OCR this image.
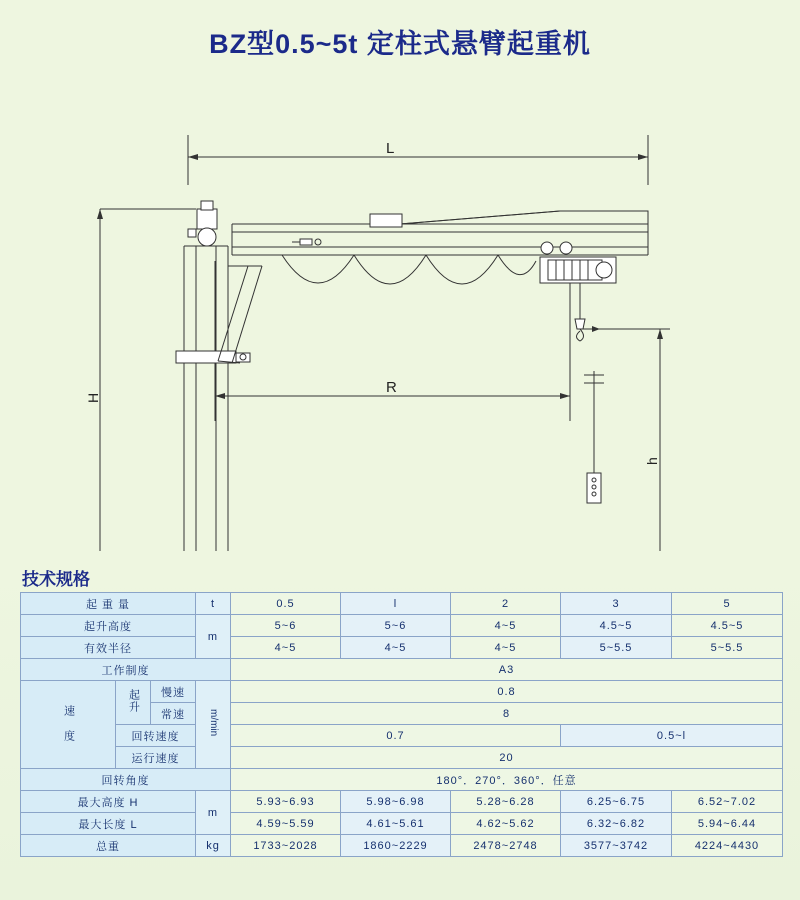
BZ型0.5~5t 定柱式悬臂起重机
L
R
H
h
技术规格
起 重 量			t	0.5	l	2	3	5
起升高度			m	5~6	5~6	4~5	4.5~5	4.5~5
有效半径				4~5	4~5	4~5	5~5.5	5~5.5
工作制度				A3				
速 度	起升	慢速	m/min	0.8				
		常速		8				
	回转速度			0.7			0.5~l	
	运行速度			20				
回转角度				180°．270°．360°．任意				
最大高度 H			m	5.93~6.93	5.98~6.98	5.28~6.28	6.25~6.75	6.52~7.02
最大长度 L				4.59~5.59	4.61~5.61	4.62~5.62	6.32~6.82	5.94~6.44
总重			kg	1733~2028	1860~2229	2478~2748	3577~3742	4224~4430
